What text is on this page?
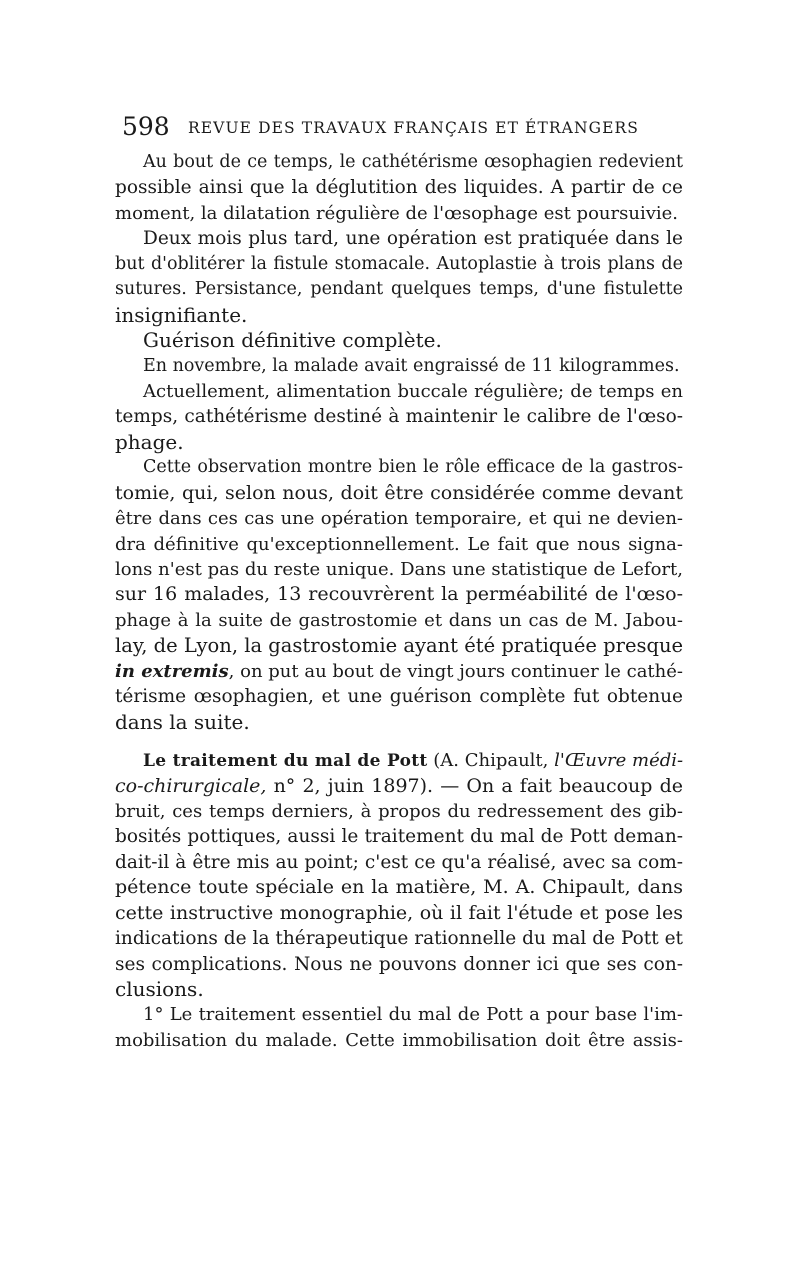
598 REVUE DES TRAVAUX FRANÇAIS ET ÉTRANGERS
Au bout de ce temps, le cathétérisme œsophagien redevient
possible ainsi que la déglutition des liquides. A partir de ce
moment, la dilatation régulière de l'œsophage est poursuivie.
Deux mois plus tard, une opération est pratiquée dans le
but d'oblitérer la fistule stomacale. Autoplastie à trois plans de
sutures. Persistance, pendant quelques temps, d'une fistulette
insignifiante.
Guérison définitive complète.
En novembre, la malade avait engraissé de 11 kilogrammes.
Actuellement, alimentation buccale régulière; de temps en
temps, cathétérisme destiné à maintenir le calibre de l'œso-
phage.
Cette observation montre bien le rôle efficace de la gastros-
tomie, qui, selon nous, doit être considérée comme devant
être dans ces cas une opération temporaire, et qui ne devien-
dra définitive qu'exceptionnellement. Le fait que nous signa-
lons n'est pas du reste unique. Dans une statistique de Lefort,
sur 16 malades, 13 recouvrèrent la perméabilité de l'œso-
phage à la suite de gastrostomie et dans un cas de M. Jabou-
lay, de Lyon, la gastrostomie ayant été pratiquée presque
in extremis, on put au bout de vingt jours continuer le cathé-
térisme œsophagien, et une guérison complète fut obtenue
dans la suite.
Le traitement du mal de Pott (A. Chipault, l'Œuvre médi-
co-chirurgicale, n° 2, juin 1897). — On a fait beaucoup de
bruit, ces temps derniers, à propos du redressement des gib-
bosités pottiques, aussi le traitement du mal de Pott deman-
dait-il à être mis au point; c'est ce qu'a réalisé, avec sa com-
pétence toute spéciale en la matière, M. A. Chipault, dans
cette instructive monographie, où il fait l'étude et pose les
indications de la thérapeutique rationnelle du mal de Pott et
ses complications. Nous ne pouvons donner ici que ses con-
clusions.
1° Le traitement essentiel du mal de Pott a pour base l'im-
mobilisation du malade. Cette immobilisation doit être assis-
